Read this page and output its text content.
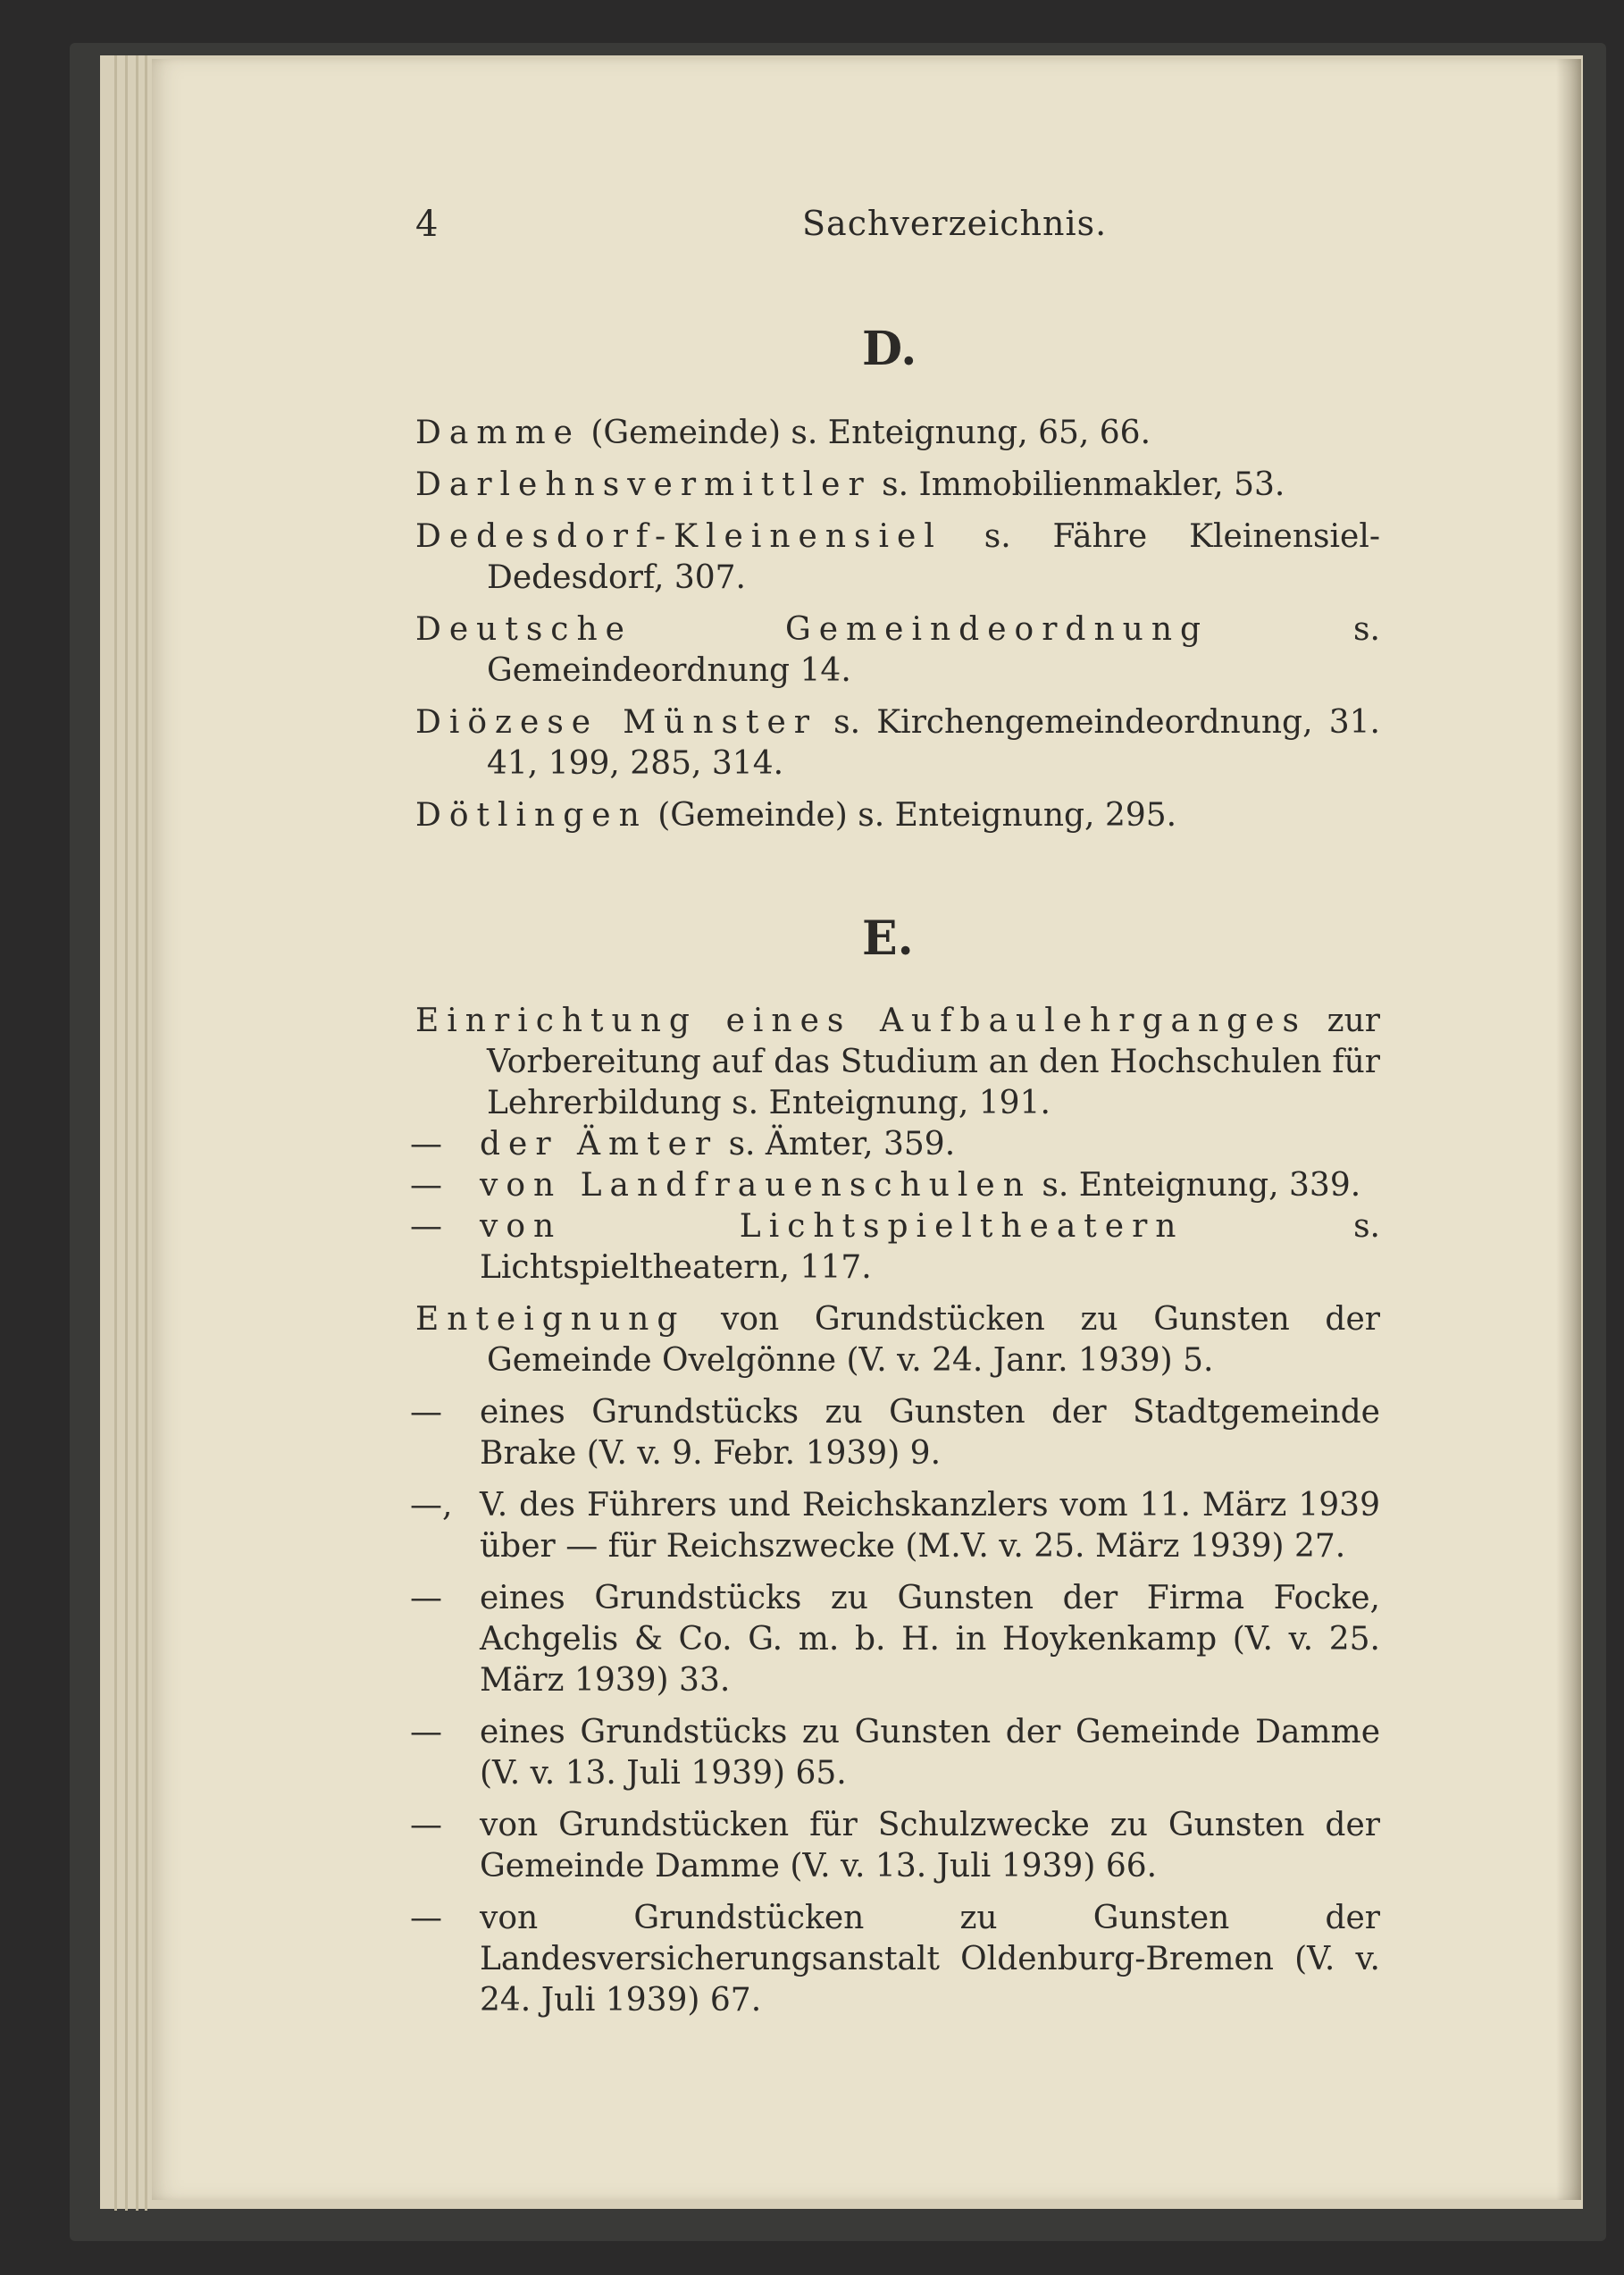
4	Sachverzeichnis.
D.
Damme (Gemeinde) s. Enteignung, 65, 66.
Darlehnsvermittler s. Immobilienmakler, 53.
Dedesdorf-Kleinensiel s. Fähre Kleinensiel-Dedesdorf, 307.
Deutsche Gemeindeordnung s. Gemeindeordnung 14.
Diözese Münster s. Kirchengemeindeordnung, 31. 41, 199, 285, 314.
Dötlingen (Gemeinde) s. Enteignung, 295.
E.
Einrichtung eines Aufbaulehrganges zur Vorbereitung auf das Studium an den Hochschulen für Lehrerbildung s. Enteignung, 191.
— der Ämter s. Ämter, 359.
— von Landfrauenschulen s. Enteignung, 339.
— von Lichtspieltheatern s. Lichtspieltheatern, 117.
Enteignung von Grundstücken zu Gunsten der Gemeinde Ovelgönne (V. v. 24. Janr. 1939) 5.
— eines Grundstücks zu Gunsten der Stadtgemeinde Brake (V. v. 9. Febr. 1939) 9.
—, V. des Führers und Reichskanzlers vom 11. März 1939 über — für Reichszwecke (M.V. v. 25. März 1939) 27.
— eines Grundstücks zu Gunsten der Firma Focke, Achgelis & Co. G. m. b. H. in Hoykenkamp (V. v. 25. März 1939) 33.
— eines Grundstücks zu Gunsten der Gemeinde Damme (V. v. 13. Juli 1939) 65.
— von Grundstücken für Schulzwecke zu Gunsten der Gemeinde Damme (V. v. 13. Juli 1939) 66.
— von Grundstücken zu Gunsten der Landesversicherungsanstalt Oldenburg-Bremen (V. v. 24. Juli 1939) 67.
